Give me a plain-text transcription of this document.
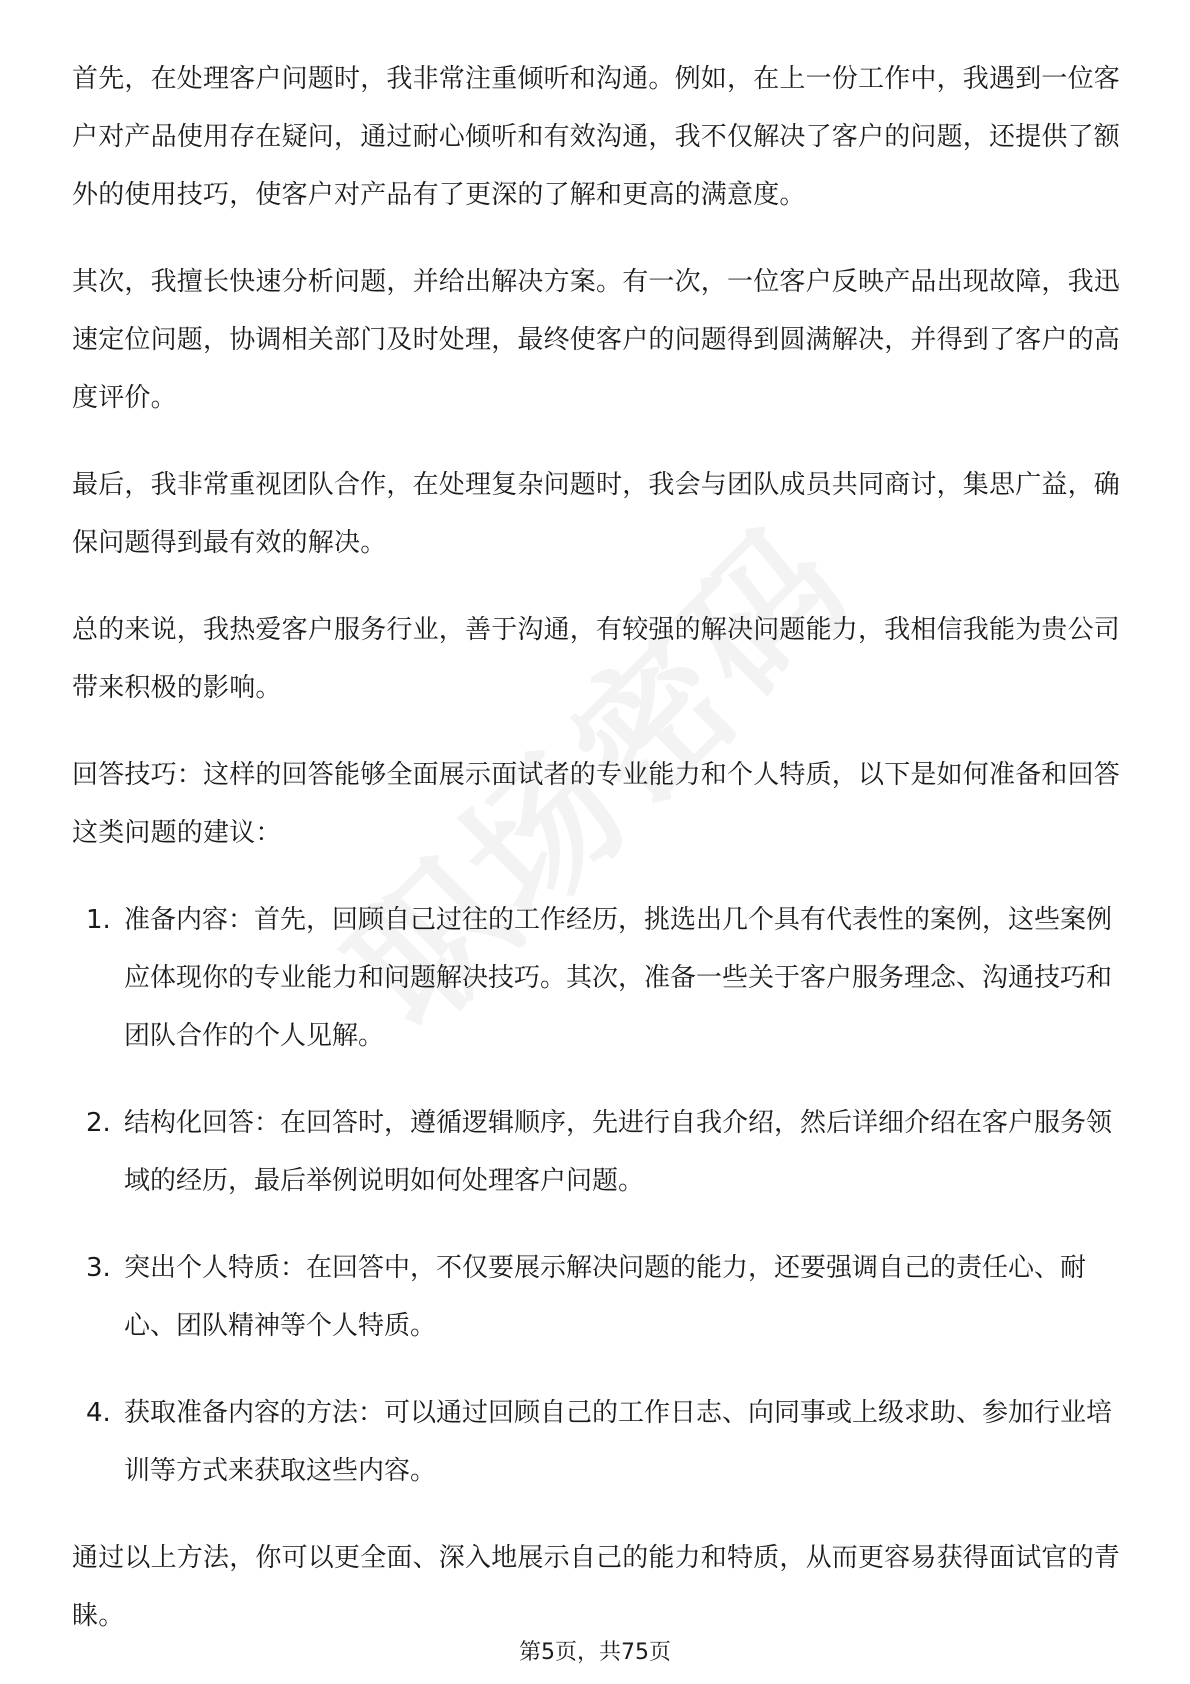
首先，在处理客户问题时，我非常注重倾听和沟通。例如，在上一份工作中，我遇到一位客户对产品使用存在疑问，通过耐心倾听和有效沟通，我不仅解决了客户的问题，还提供了额外的使用技巧，使客户对产品有了更深的了解和更高的满意度。

其次，我擅长快速分析问题，并给出解决方案。有一次，一位客户反映产品出现故障，我迅速定位问题，协调相关部门及时处理，最终使客户的问题得到圆满解决，并得到了客户的高度评价。

最后，我非常重视团队合作，在处理复杂问题时，我会与团队成员共同商讨，集思广益，确保问题得到最有效的解决。

总的来说，我热爱客户服务行业，善于沟通，有较强的解决问题能力，我相信我能为贵公司带来积极的影响。

回答技巧：这样的回答能够全面展示面试者的专业能力和个人特质，以下是如何准备和回答这类问题的建议：

1. 准备内容：首先，回顾自己过往的工作经历，挑选出几个具有代表性的案例，这些案例应体现你的专业能力和问题解决技巧。其次，准备一些关于客户服务理念、沟通技巧和团队合作的个人见解。
2. 结构化回答：在回答时，遵循逻辑顺序，先进行自我介绍，然后详细介绍在客户服务领域的经历，最后举例说明如何处理客户问题。
3. 突出个人特质：在回答中，不仅要展示解决问题的能力，还要强调自己的责任心、耐心、团队精神等个人特质。
4. 获取准备内容的方法：可以通过回顾自己的工作日志、向同事或上级求助、参加行业培训等方式来获取这些内容。

通过以上方法，你可以更全面、深入地展示自己的能力和特质，从而更容易获得面试官的青睐。

第5页，共75页
